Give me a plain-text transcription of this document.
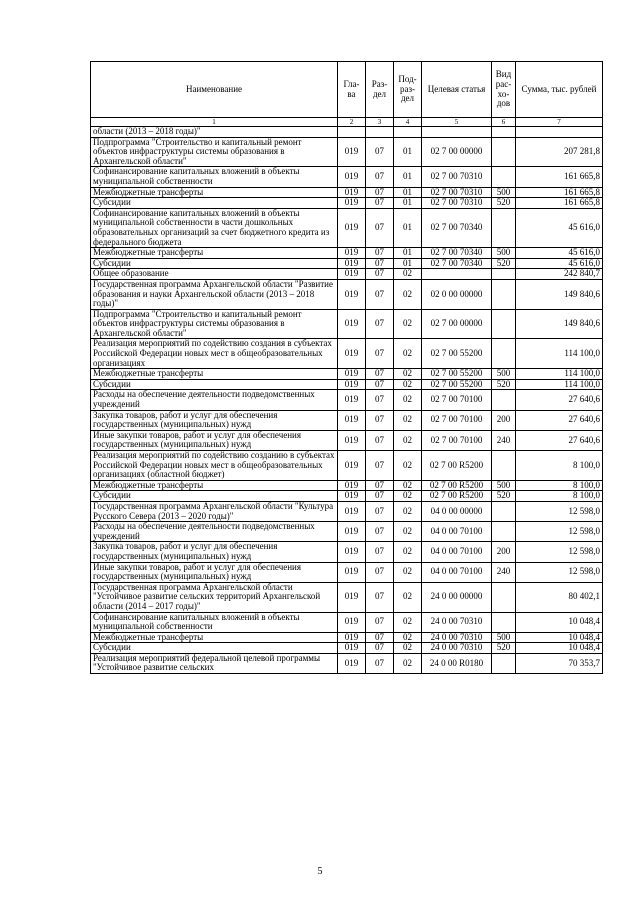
Наименование	Гла-ва	Раз-дел	Под-раз-дел	Целевая статья	Вид рас-хо-дов	Сумма, тыс. рублей
1	2	3	4	5	6	7
области (2013 – 2018 годы)"						
Подпрограмма "Строительство и капитальный ремонт объектов инфраструктуры системы образования в Архангельской области"	019	07	01	02 7 00 00000		207 281,8
Софинансирование капитальных вложений в объекты муниципальной собственности	019	07	01	02 7 00 70310		161 665,8
Межбюджетные трансферты	019	07	01	02 7 00 70310	500	161 665,8
Субсидии	019	07	01	02 7 00 70310	520	161 665,8
Софинансирование капитальных вложений в объекты муниципальной собственности в части дошкольных образовательных организаций за счет бюджетного кредита из федерального бюджета	019	07	01	02 7 00 70340		45 616,0
Межбюджетные трансферты	019	07	01	02 7 00 70340	500	45 616,0
Субсидии	019	07	01	02 7 00 70340	520	45 616,0
Общее образование	019	07	02			242 840,7
Государственная программа Архангельской области "Развитие образования и науки Архангельской области (2013 – 2018 годы)"	019	07	02	02 0 00 00000		149 840,6
Подпрограмма "Строительство и капитальный ремонт объектов инфраструктуры системы образования в Архангельской области"	019	07	02	02 7 00 00000		149 840,6
Реализация мероприятий по содействию создания в субъектах Российской Федерации новых мест в общеобразовательных организациях	019	07	02	02 7 00 55200		114 100,0
Межбюджетные трансферты	019	07	02	02 7 00 55200	500	114 100,0
Субсидии	019	07	02	02 7 00 55200	520	114 100,0
Расходы на обеспечение деятельности подведомственных учреждений	019	07	02	02 7 00 70100		27 640,6
Закупка товаров, работ и услуг для обеспечения государственных (муниципальных) нужд	019	07	02	02 7 00 70100	200	27 640,6
Иные закупки товаров, работ и услуг для обеспечения государственных (муниципальных) нужд	019	07	02	02 7 00 70100	240	27 640,6
Реализация мероприятий по содействию созданию в субъектах Российской Федерации новых мест в общеобразовательных организациях (областной бюджет)	019	07	02	02 7 00 R5200		8 100,0
Межбюджетные трансферты	019	07	02	02 7 00 R5200	500	8 100,0
Субсидии	019	07	02	02 7 00 R5200	520	8 100,0
Государственная программа Архангельской области "Культура Русского Севера (2013 – 2020 годы)"	019	07	02	04 0 00 00000		12 598,0
Расходы на обеспечение деятельности подведомственных учреждений	019	07	02	04 0 00 70100		12 598,0
Закупка товаров, работ и услуг для обеспечения государственных (муниципальных) нужд	019	07	02	04 0 00 70100	200	12 598,0
Иные закупки товаров, работ и услуг для обеспечения государственных (муниципальных) нужд	019	07	02	04 0 00 70100	240	12 598,0
Государственная программа Архангельской области "Устойчивое развитие сельских территорий Архангельской области (2014 – 2017 годы)"	019	07	02	24 0 00 00000		80 402,1
Софинансирование капитальных вложений в объекты муниципальной собственности	019	07	02	24 0 00 70310		10 048,4
Межбюджетные трансферты	019	07	02	24 0 00 70310	500	10 048,4
Субсидии	019	07	02	24 0 00 70310	520	10 048,4
Реализация мероприятий федеральной целевой программы "Устойчивое развитие сельских	019	07	02	24 0 00 R0180		70 353,7
5
